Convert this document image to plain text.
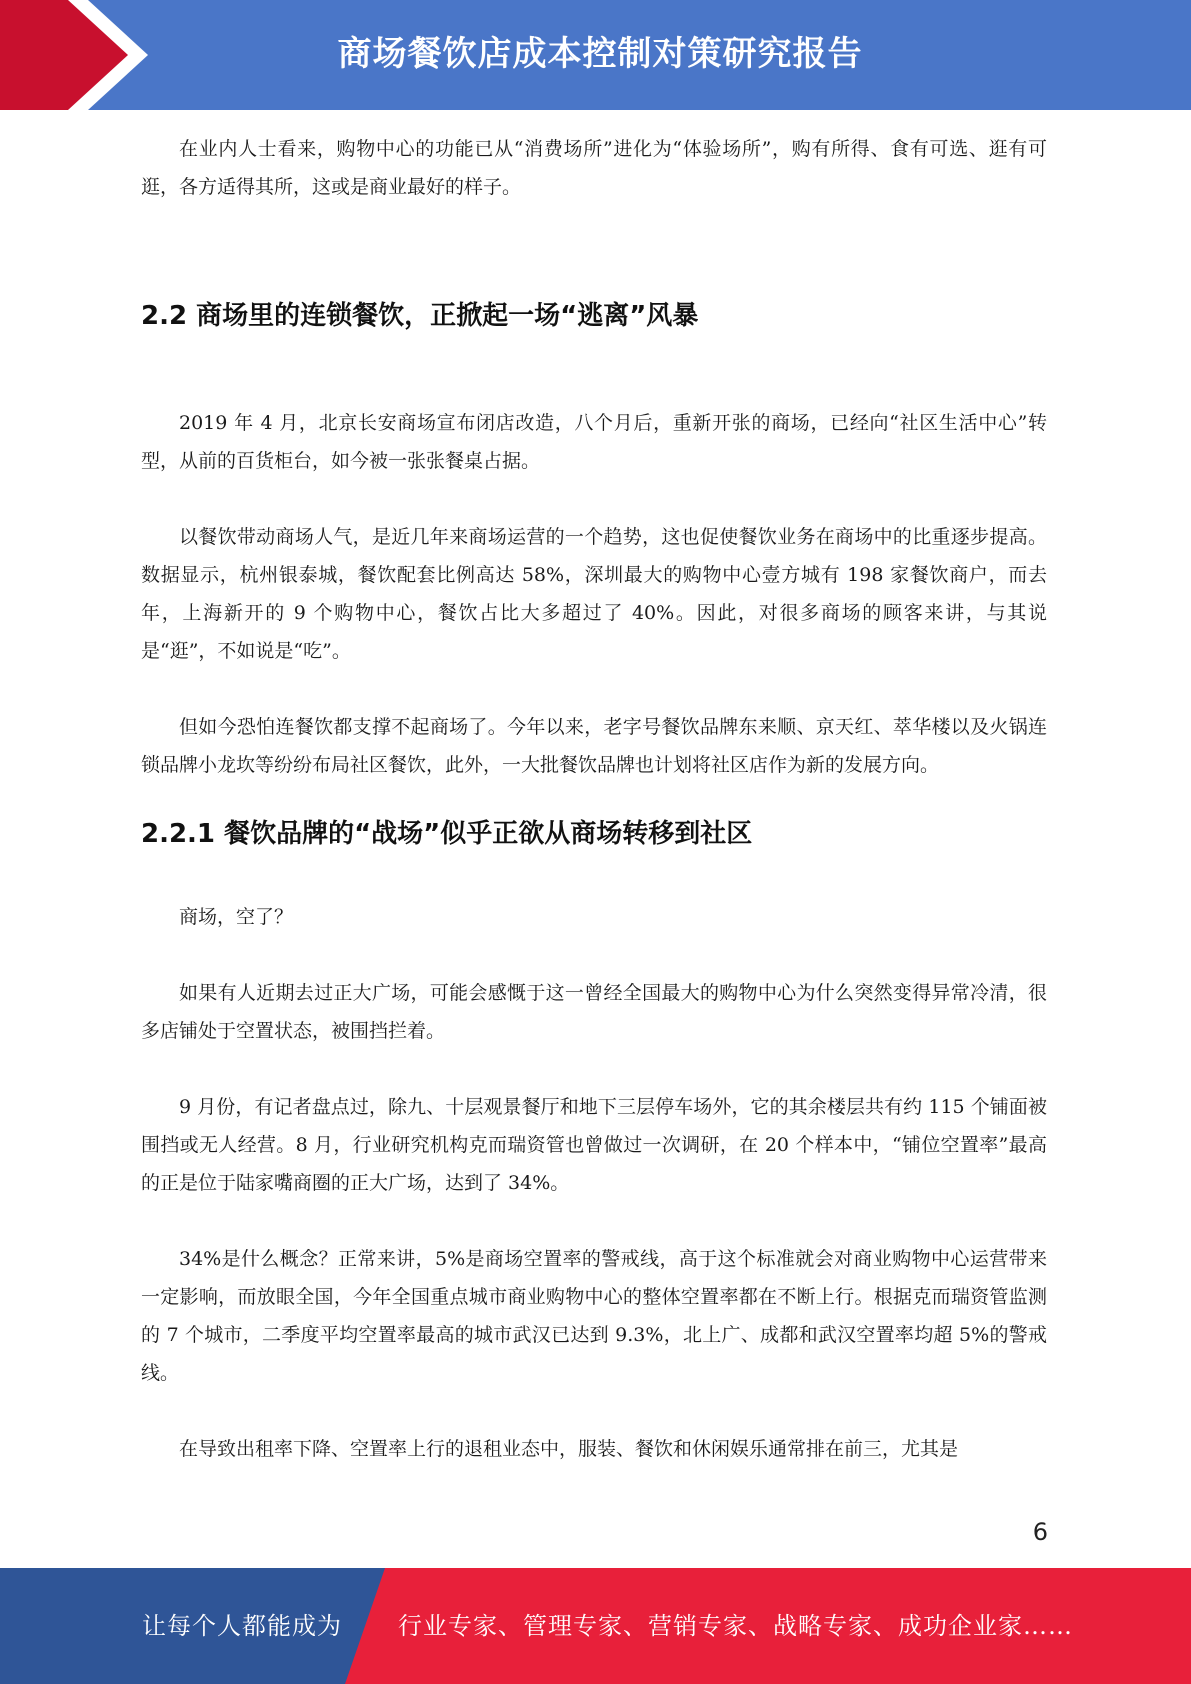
商场餐饮店成本控制对策研究报告

在业内人士看来，购物中心的功能已从“消费场所”进化为“体验场所”，购有所得、食有可选、逛有可逛，各方适得其所，这或是商业最好的样子。

2.2 商场里的连锁餐饮，正掀起一场“逃离”风暴

2019 年 4 月，北京长安商场宣布闭店改造，八个月后，重新开张的商场，已经向“社区生活中心”转型，从前的百货柜台，如今被一张张餐桌占据。

以餐饮带动商场人气，是近几年来商场运营的一个趋势，这也促使餐饮业务在商场中的比重逐步提高。数据显示，杭州银泰城，餐饮配套比例高达 58%，深圳最大的购物中心壹方城有 198 家餐饮商户，而去年，上海新开的 9 个购物中心，餐饮占比大多超过了 40%。因此，对很多商场的顾客来讲，与其说是“逛”，不如说是“吃”。

但如今恐怕连餐饮都支撑不起商场了。今年以来，老字号餐饮品牌东来顺、京天红、萃华楼以及火锅连锁品牌小龙坎等纷纷布局社区餐饮，此外，一大批餐饮品牌也计划将社区店作为新的发展方向。

2.2.1 餐饮品牌的“战场”似乎正欲从商场转移到社区

商场，空了？

如果有人近期去过正大广场，可能会感慨于这一曾经全国最大的购物中心为什么突然变得异常冷清，很多店铺处于空置状态，被围挡拦着。

9 月份，有记者盘点过，除九、十层观景餐厅和地下三层停车场外，它的其余楼层共有约 115 个铺面被围挡或无人经营。8 月，行业研究机构克而瑞资管也曾做过一次调研，在 20 个样本中，“铺位空置率”最高的正是位于陆家嘴商圈的正大广场，达到了 34%。

34%是什么概念？正常来讲，5%是商场空置率的警戒线，高于这个标准就会对商业购物中心运营带来一定影响，而放眼全国，今年全国重点城市商业购物中心的整体空置率都在不断上行。根据克而瑞资管监测的 7 个城市，二季度平均空置率最高的城市武汉已达到 9.3%，北上广、成都和武汉空置率均超 5%的警戒线。

在导致出租率下降、空置率上行的退租业态中，服装、餐饮和休闲娱乐通常排在前三，尤其是

6
让每个人都能成为 行业专家、管理专家、营销专家、战略专家、成功企业家……
